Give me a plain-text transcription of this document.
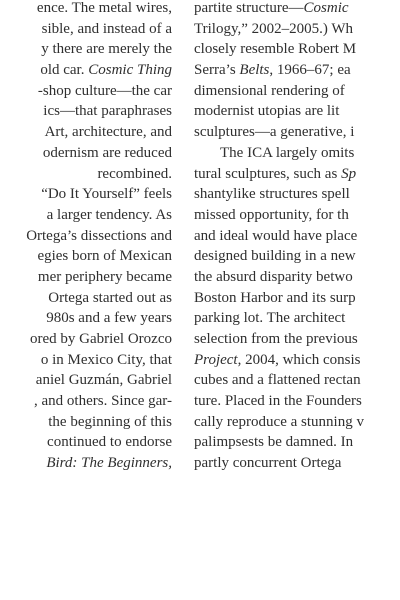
ence. The metal wires,
sible, and instead of a
y there are merely the
old car. Cosmic Thing
-shop culture—the car
ics—that paraphrases
Art, architecture, and
odernism are reduced
recombined.
“Do It Yourself” feels
a larger tendency. As
Ortega’s dissections and
egies born of Mexican
mer periphery became
Ortega started out as
980s and a few years
ored by Gabriel Orozco
o in Mexico City, that
aniel Guzmán, Gabriel
, and others. Since gar-
the beginning of this
continued to endorse
Bird: The Beginners,
partite structure—Cosmic
Trilogy,” 2002–2005.) Wh
closely resemble Robert M
Serra’s Belts, 1966–67; ea
dimensional rendering of
modernist utopias are lit
sculptures—a generative, i
The ICA largely omits
tural sculptures, such as Sp
shantylike structures spell
missed opportunity, for th
and ideal would have place
designed building in a new
the absurd disparity betwo
Boston Harbor and its surp
parking lot. The architect
selection from the previous
Project, 2004, which consis
cubes and a flattened rectan
ture. Placed in the Founders
cally reproduce a stunning v
palimpsests be damned. In
partly concurrent Ortega
